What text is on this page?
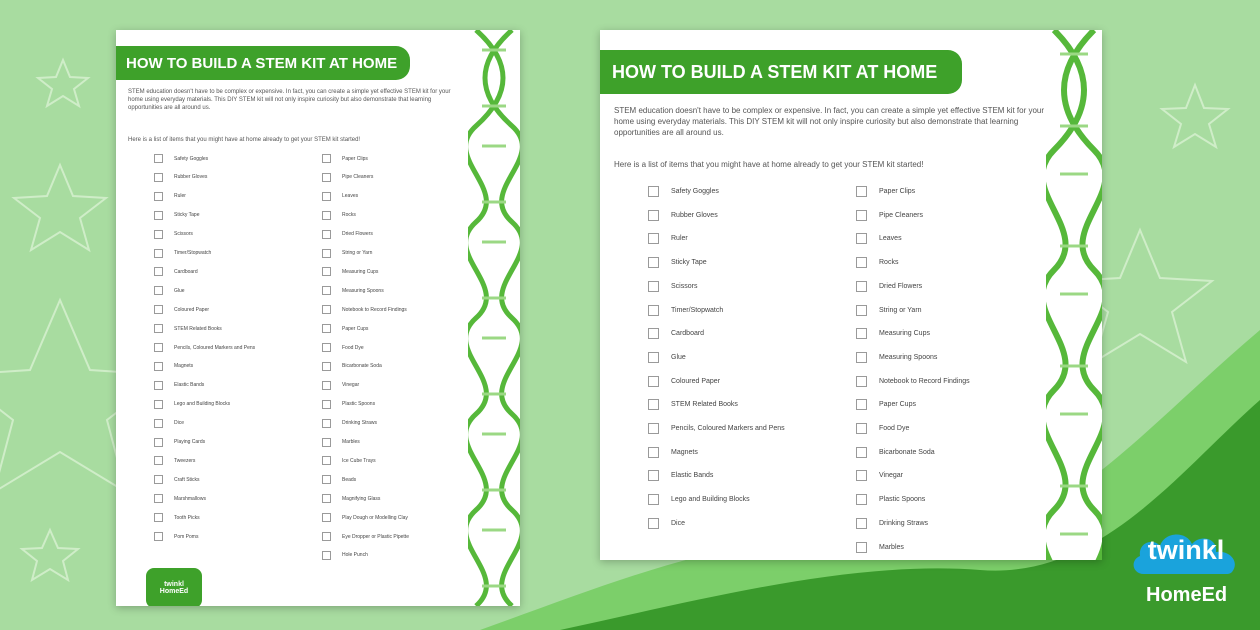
HOW TO BUILD A STEM KIT AT HOME
STEM education doesn't have to be complex or expensive. In fact, you can create a simple yet effective STEM kit for your home using everyday materials. This DIY STEM kit will not only inspire curiosity but also demonstrate that learning opportunities are all around us.
Here is a list of items that you might have at home already to get your STEM kit started!
Safety Goggles
Rubber Gloves
Ruler
Sticky Tape
Scissors
Timer/Stopwatch
Cardboard
Glue
Coloured Paper
STEM Related Books
Pencils, Coloured Markers and Pens
Magnets
Elastic Bands
Lego and Building Blocks
Dice
Playing Cards
Tweezers
Craft Sticks
Marshmallows
Tooth Picks
Pom Poms
Paper Clips
Pipe Cleaners
Leaves
Rocks
Dried Flowers
String or Yarn
Measuring Cups
Measuring Spoons
Notebook to Record Findings
Paper Cups
Food Dye
Bicarbonate Soda
Vinegar
Plastic Spoons
Drinking Straws
Marbles
Ice Cube Trays
Beads
Magnifying Glass
Play Dough or Modelling Clay
Eye Dropper or Plastic Pipette
Hole Punch
twinkl
HomeEd
HOW TO BUILD A STEM KIT AT HOME
STEM education doesn't have to be complex or expensive. In fact, you can create a simple yet effective STEM kit for your home using everyday materials. This DIY STEM kit will not only inspire curiosity but also demonstrate that learning opportunities are all around us.
Here is a list of items that you might have at home already to get your STEM kit started!
Safety Goggles
Rubber Gloves
Ruler
Sticky Tape
Scissors
Timer/Stopwatch
Cardboard
Glue
Coloured Paper
STEM Related Books
Pencils, Coloured Markers and Pens
Magnets
Elastic Bands
Lego and Building Blocks
Dice
Paper Clips
Pipe Cleaners
Leaves
Rocks
Dried Flowers
String or Yarn
Measuring Cups
Measuring Spoons
Notebook to Record Findings
Paper Cups
Food Dye
Bicarbonate Soda
Vinegar
Plastic Spoons
Drinking Straws
Marbles	twinkl
HomeEd
